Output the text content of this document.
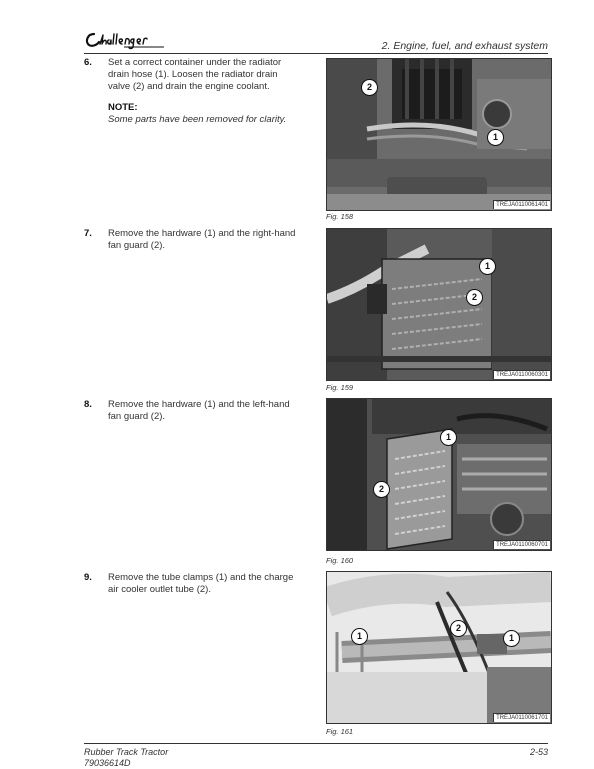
2. Engine, fuel, and exhaust system
6. Set a correct container under the radiator drain hose (1). Loosen the radiator drain valve (2) and drain the engine coolant.
NOTE:
Some parts have been removed for clarity.
2
1
TREJA0110061401
Fig. 158
7. Remove the hardware (1) and the right-hand fan guard (2).
1
2
TREJA0110060301
Fig. 159
8. Remove the hardware (1) and the left-hand fan guard (2).
1
2
TREJA0110060701
Fig. 160
9. Remove the tube clamps (1) and the charge air cooler outlet tube (2).
1
2
1
TREJA0110061701
Fig. 161
Rubber Track Tractor
79036614D
2-53
